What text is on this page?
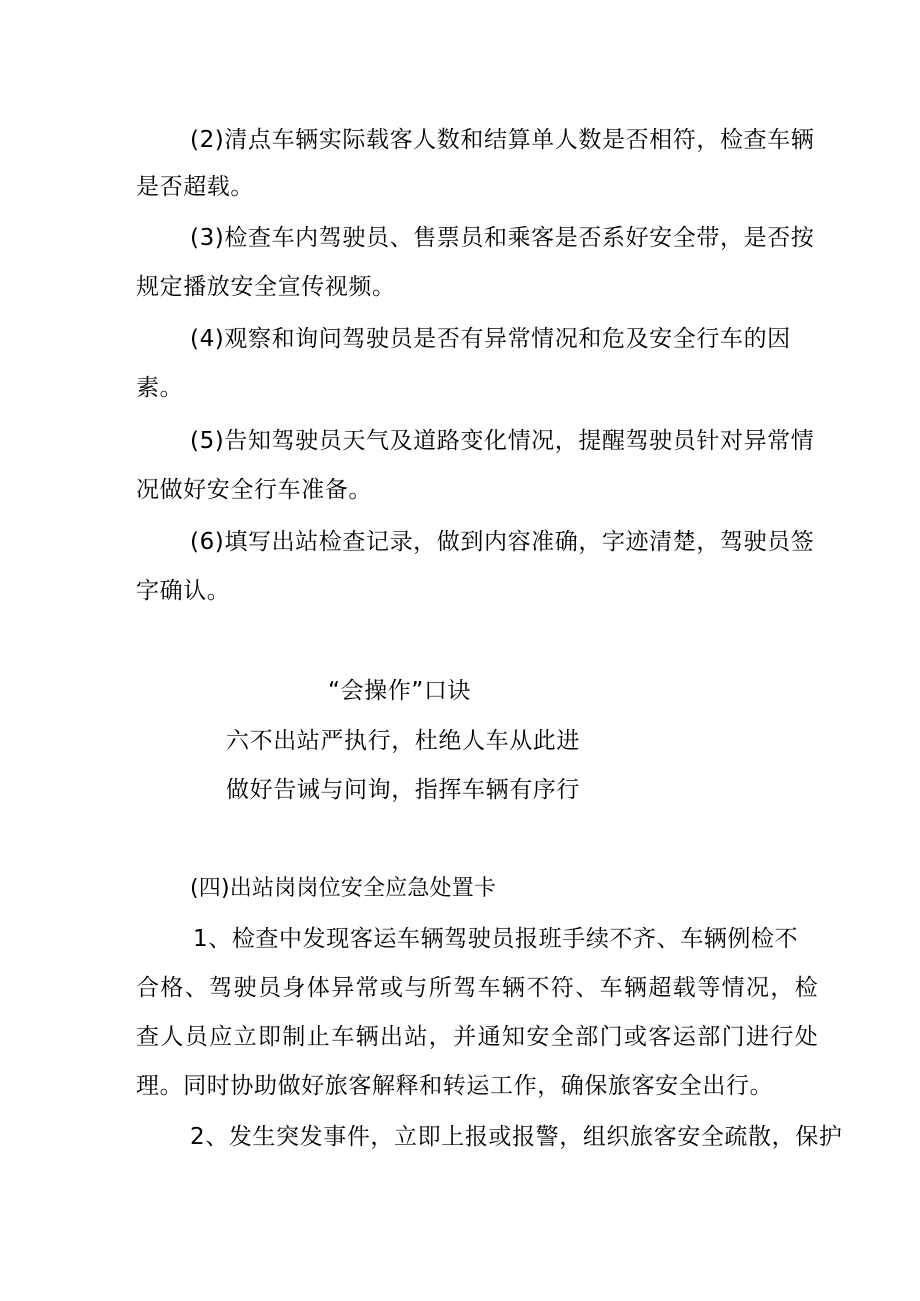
(2)清点车辆实际载客人数和结算单人数是否相符，检查车辆
是否超载。
(3)检查车内驾驶员、售票员和乘客是否系好安全带，是否按
规定播放安全宣传视频。
(4)观察和询问驾驶员是否有异常情况和危及安全行车的因
素。
(5)告知驾驶员天气及道路变化情况，提醒驾驶员针对异常情
况做好安全行车准备。
(6)填写出站检查记录，做到内容准确，字迹清楚，驾驶员签
字确认。
“会操作”口诀
六不出站严执行，杜绝人车从此进
做好告诫与问询，指挥车辆有序行
(四)出站岗岗位安全应急处置卡
1、检查中发现客运车辆驾驶员报班手续不齐、车辆例检不
合格、驾驶员身体异常或与所驾车辆不符、车辆超载等情况，检
查人员应立即制止车辆出站，并通知安全部门或客运部门进行处
理。同时协助做好旅客解释和转运工作，确保旅客安全出行。
2、发生突发事件，立即上报或报警，组织旅客安全疏散，保护
